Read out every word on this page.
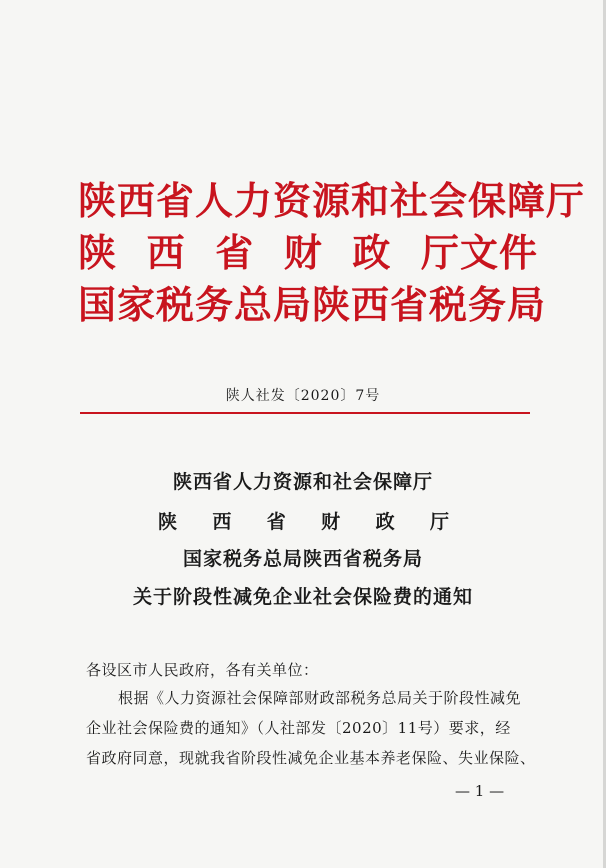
陕西省人力资源和社会保障厅
陕 西 省 财 政 厅文件
国家税务总局陕西省税务局
陕人社发〔2020〕7号
陕西省人力资源和社会保障厅
陕 西 省 财 政 厅
国家税务总局陕西省税务局
关于阶段性减免企业社会保险费的通知
各设区市人民政府，各有关单位：
根据《人力资源社会保障部财政部税务总局关于阶段性减免
企业社会保险费的通知》（人社部发〔2020〕11号）要求，经
省政府同意，现就我省阶段性减免企业基本养老保险、失业保险、
— 1 —
